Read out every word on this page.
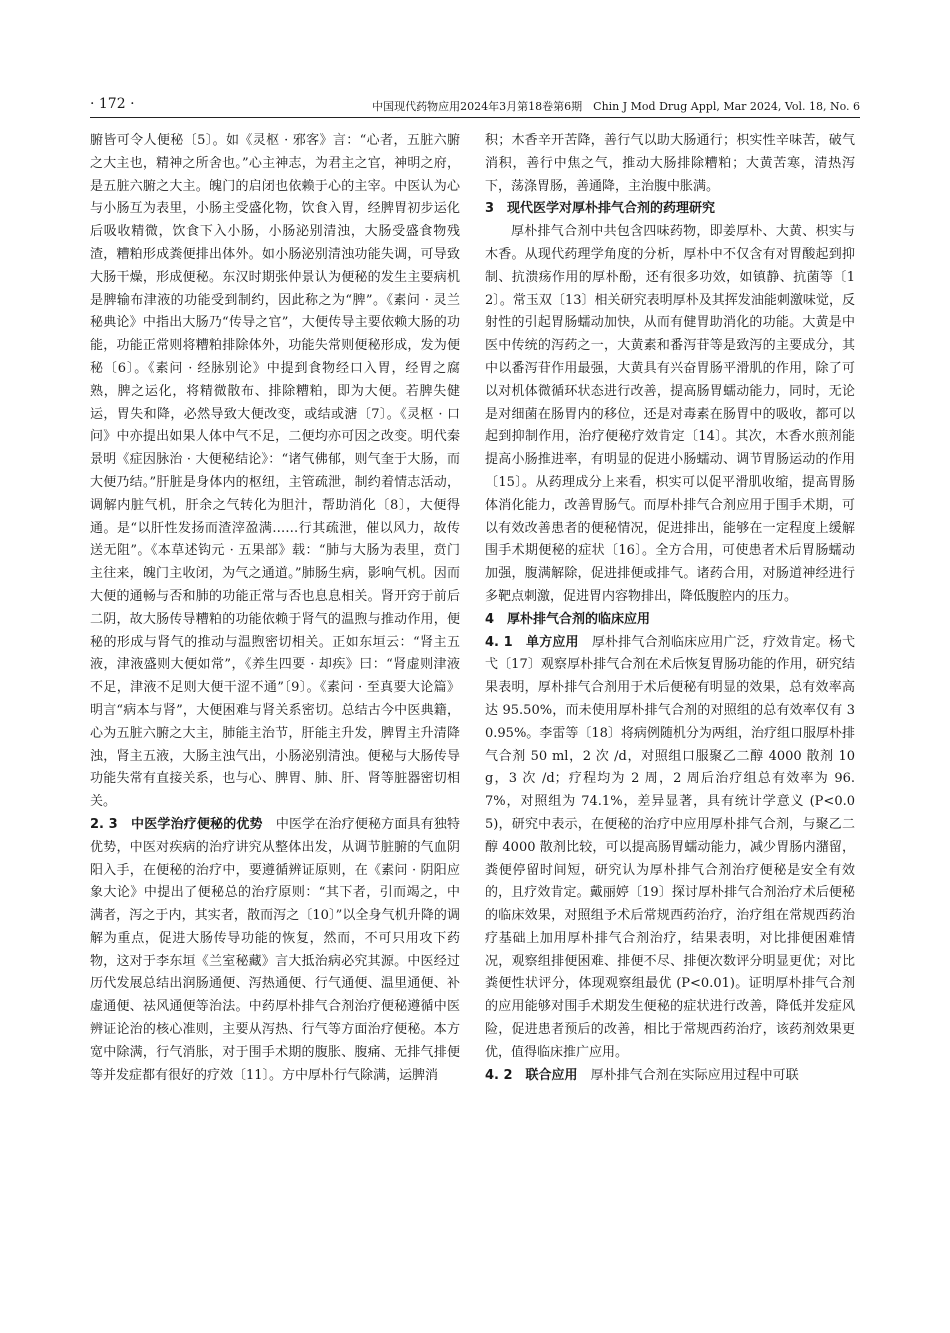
· 172 ·	中国现代药物应用2024年3月第18卷第6期　Chin J Mod Drug Appl, Mar 2024, Vol. 18, No. 6

腑皆可令人便秘〔5〕。如《灵枢 · 邪客》言：“心者，五脏六腑之大主也，精神之所舍也。”心主神志，为君主之官，神明之府，是五脏六腑之大主。魄门的启闭也依赖于心的主宰。中医认为心与小肠互为表里，小肠主受盛化物，饮食入胃，经脾胃初步运化后吸收精微，饮食下入小肠，小肠泌别清浊，大肠受盛食物残渣，糟粕形成粪便排出体外。如小肠泌别清浊功能失调，可导致大肠干燥，形成便秘。东汉时期张仲景认为便秘的发生主要病机是脾输布津液的功能受到制约，因此称之为“脾”。《素问 · 灵兰秘典论》中指出大肠乃“传导之官”，大便传导主要依赖大肠的功能，功能正常则将糟粕排除体外，功能失常则便秘形成，发为便秘〔6〕。《素问 · 经脉别论》中提到食物经口入胃，经胃之腐熟，脾之运化，将精微散布、排除糟粕，即为大便。若脾失健运，胃失和降，必然导致大便改变，或结或溏〔7〕。《灵枢 · 口问》中亦提出如果人体中气不足，二便均亦可因之改变。明代秦景明《症因脉治 · 大便秘结论》：“诸气佛郁，则气奎于大肠，而大便乃结。”肝脏是身体内的枢纽，主管疏泄，制约着情志活动，调解内脏气机，肝余之气转化为胆汁，帮助消化〔8〕，大便得通。是“以肝性发扬而渣滓盈满……行其疏泄，催以风力，故传送无阻”。《本草述钩元 · 五果部》载：“肺与大肠为表里，贲门主往来，魄门主收闭，为气之通道。”肺肠生病，影响气机。因而大便的通畅与否和肺的功能正常与否也息息相关。肾开窍于前后二阴，故大肠传导糟粕的功能依赖于肾气的温煦与推动作用，便秘的形成与肾气的推动与温煦密切相关。正如东垣云：“肾主五液，津液盛则大便如常”，《养生四要 · 却疾》曰：“肾虚则津液不足，津液不足则大便干涩不通”〔9〕。《素问 · 至真要大论篇》明言“病本与肾”，大便困难与肾关系密切。总结古今中医典籍，心为五脏六腑之大主，肺能主治节，肝能主升发，脾胃主升清降浊，肾主五液，大肠主浊气出，小肠泌别清浊。便秘与大肠传导功能失常有直接关系，也与心、脾胃、肺、肝、肾等脏器密切相关。

2. 3　中医学治疗便秘的优势　中医学在治疗便秘方面具有独特优势，中医对疾病的治疗讲究从整体出发，从调节脏腑的气血阴阳入手，在便秘的治疗中，要遵循辨证原则，在《素问 · 阴阳应象大论》中提出了便秘总的治疗原则：“其下者，引而竭之，中满者，泻之于内，其实者，散而泻之〔10〕”以全身气机升降的调解为重点，促进大肠传导功能的恢复，然而，不可只用攻下药物，这对于李东垣《兰室秘藏》言大抵治病必究其源。中医经过历代发展总结出润肠通便、泻热通便、行气通便、温里通便、补虚通便、祛风通便等治法。中药厚朴排气合剂治疗便秘遵循中医辨证论治的核心准则，主要从泻热、行气等方面治疗便秘。本方宽中除满，行气消胀，对于围手术期的腹胀、腹痛、无排气排便等并发症都有很好的疗效〔11〕。方中厚朴行气除满，运脾消

积；木香辛开苦降，善行气以助大肠通行；枳实性辛味苦，破气消积，善行中焦之气，推动大肠排除糟粕；大黄苦寒，清热泻下，荡涤胃肠，善通降，主治腹中胀满。

3　现代医学对厚朴排气合剂的药理研究

厚朴排气合剂中共包含四味药物，即姜厚朴、大黄、枳实与木香。从现代药理学角度的分析，厚朴中不仅含有对胃酸起到抑制、抗溃疡作用的厚朴酚，还有很多功效，如镇静、抗菌等〔12〕。常玉双〔13〕相关研究表明厚朴及其挥发油能刺激味觉，反射性的引起胃肠蠕动加快，从而有健胃助消化的功能。大黄是中医中传统的泻药之一，大黄素和番泻苷等是致泻的主要成分，其中以番泻苷作用最强，大黄具有兴奋胃肠平滑肌的作用，除了可以对机体微循环状态进行改善，提高肠胃蠕动能力，同时，无论是对细菌在肠胃内的移位，还是对毒素在肠胃中的吸收，都可以起到抑制作用，治疗便秘疗效肯定〔14〕。其次，木香水煎剂能提高小肠推进率，有明显的促进小肠蠕动、调节胃肠运动的作用〔15〕。从药理成分上来看，枳实可以促平滑肌收缩，提高胃肠体消化能力，改善胃肠气。而厚朴排气合剂应用于围手术期，可以有效改善患者的便秘情况，促进排出，能够在一定程度上缓解围手术期便秘的症状〔16〕。全方合用，可使患者术后胃肠蠕动加强，腹满解除，促进排便或排气。诸药合用，对肠道神经进行多靶点刺激，促进胃内容物排出，降低腹腔内的压力。

4　厚朴排气合剂的临床应用

4. 1　单方应用　厚朴排气合剂临床应用广泛，疗效肯定。杨弋弋〔17〕观察厚朴排气合剂在术后恢复胃肠功能的作用，研究结果表明，厚朴排气合剂用于术后便秘有明显的效果，总有效率高达 95.50%，而未使用厚朴排气合剂的对照组的总有效率仅有 30.95%。李雷等〔18〕将病例随机分为两组，治疗组口服厚朴排气合剂 50 ml，2 次 /d，对照组口服聚乙二醇 4000 散剂 10 g，3 次 /d；疗程均为 2 周，2 周后治疗组总有效率为 96.7%，对照组为 74.1%，差异显著，具有统计学意义 (P<0.05)，研究中表示，在便秘的治疗中应用厚朴排气合剂，与聚乙二醇 4000 散剂比较，可以提高肠胃蠕动能力，减少胃肠内潴留，粪便停留时间短，研究认为厚朴排气合剂治疗便秘是安全有效的，且疗效肯定。戴丽婷〔19〕探讨厚朴排气合剂治疗术后便秘的临床效果，对照组予术后常规西药治疗，治疗组在常规西药治疗基础上加用厚朴排气合剂治疗，结果表明，对比排便困难情况，观察组排便困难、排便不尽、排便次数评分明显更优；对比粪便性状评分，体现观察组最优 (P<0.01)。证明厚朴排气合剂的应用能够对围手术期发生便秘的症状进行改善，降低并发症风险，促进患者预后的改善，相比于常规西药治疗，该药剂效果更优，值得临床推广应用。

4. 2　联合应用　厚朴排气合剂在实际应用过程中可联
